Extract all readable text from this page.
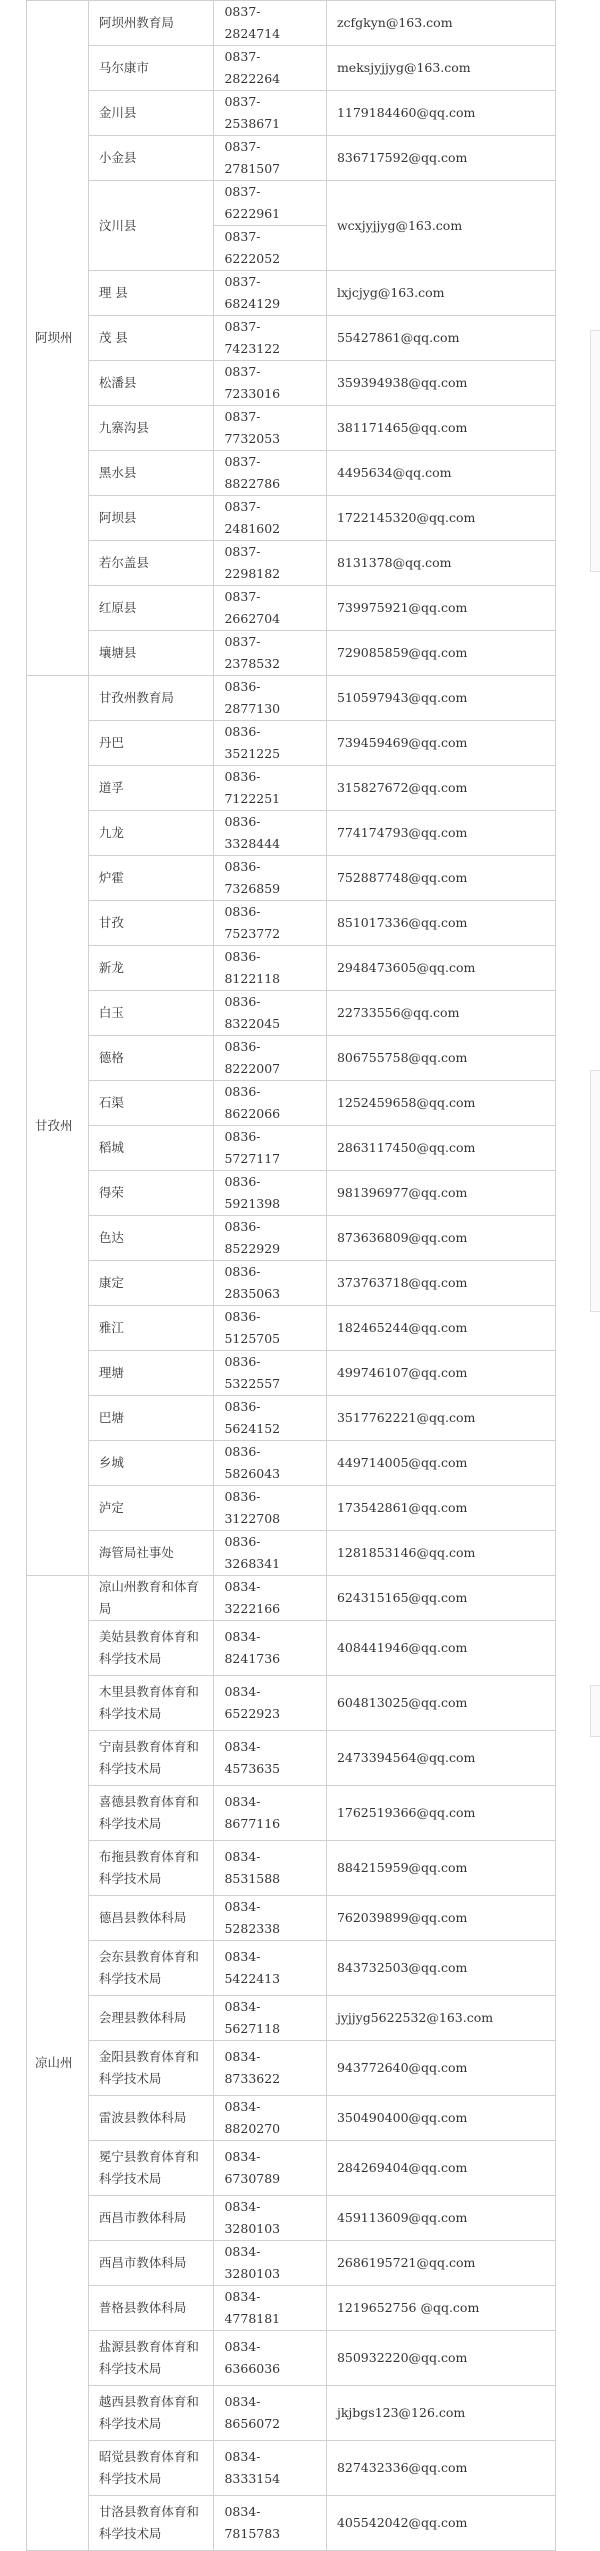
阿坝州	阿坝州教育局	0837-2824714	zcfgkyn@163.com
	马尔康市	0837-2822264	meksjyjjyg@163.com
	金川县	0837-2538671	1179184460@qq.com
	小金县	0837-2781507	836717592@qq.com
	汶川县	0837-6222961	wcxjyjjyg@163.com
		0837-6222052	
	理 县	0837-6824129	lxjcjyg@163.com
	茂 县	0837-7423122	55427861@qq.com
	松潘县	0837-7233016	359394938@qq.com
	九寨沟县	0837-7732053	381171465@qq.com
	黑水县	0837-8822786	4495634@qq.com
	阿坝县	0837-2481602	1722145320@qq.com
	若尔盖县	0837-2298182	8131378@qq.com
	红原县	0837-2662704	739975921@qq.com
	壤塘县	0837-2378532	729085859@qq.com
甘孜州	甘孜州教育局	0836-2877130	510597943@qq.com
	丹巴	0836-3521225	739459469@qq.com
	道孚	0836-7122251	315827672@qq.com
	九龙	0836-3328444	774174793@qq.com
	炉霍	0836-7326859	752887748@qq.com
	甘孜	0836-7523772	851017336@qq.com
	新龙	0836-8122118	2948473605@qq.com
	白玉	0836-8322045	22733556@qq.com
	德格	0836-8222007	806755758@qq.com
	石渠	0836-8622066	1252459658@qq.com
	稻城	0836-5727117	2863117450@qq.com
	得荣	0836-5921398	981396977@qq.com
	色达	0836-8522929	873636809@qq.com
	康定	0836-2835063	373763718@qq.com
	雅江	0836-5125705	182465244@qq.com
	理塘	0836-5322557	499746107@qq.com
	巴塘	0836-5624152	3517762221@qq.com
	乡城	0836-5826043	449714005@qq.com
	泸定	0836-3122708	173542861@qq.com
	海管局社事处	0836-3268341	1281853146@qq.com
凉山州	凉山州教育和体育局	0834-3222166	624315165@qq.com
	美姑县教育体育和科学技术局	0834-8241736	408441946@qq.com
	木里县教育体育和科学技术局	0834-6522923	604813025@qq.com
	宁南县教育体育和科学技术局	0834-4573635	2473394564@qq.com
	喜德县教育体育和科学技术局	0834-8677116	1762519366@qq.com
	布拖县教育体育和科学技术局	0834-8531588	884215959@qq.com
	德昌县教体科局	0834-5282338	762039899@qq.com
	会东县教育体育和科学技术局	0834-5422413	843732503@qq.com
	会理县教体科局	0834-5627118	jyjjyg5622532@163.com
	金阳县教育体育和科学技术局	0834-8733622	943772640@qq.com
	雷波县教体科局	0834-8820270	350490400@qq.com
	冕宁县教育体育和科学技术局	0834-6730789	284269404@qq.com
	西昌市教体科局	0834-3280103	459113609@qq.com
	西昌市教体科局	0834-3280103	2686195721@qq.com
	普格县教体科局	0834-4778181	1219652756 @qq.com
	盐源县教育体育和科学技术局	0834-6366036	850932220@qq.com
	越西县教育体育和科学技术局	0834-8656072	jkjbgs123@126.com
	昭觉县教育体育和科学技术局	0834-8333154	827432336@qq.com
	甘洛县教育体育和科学技术局	0834-7815783	405542042@qq.com
